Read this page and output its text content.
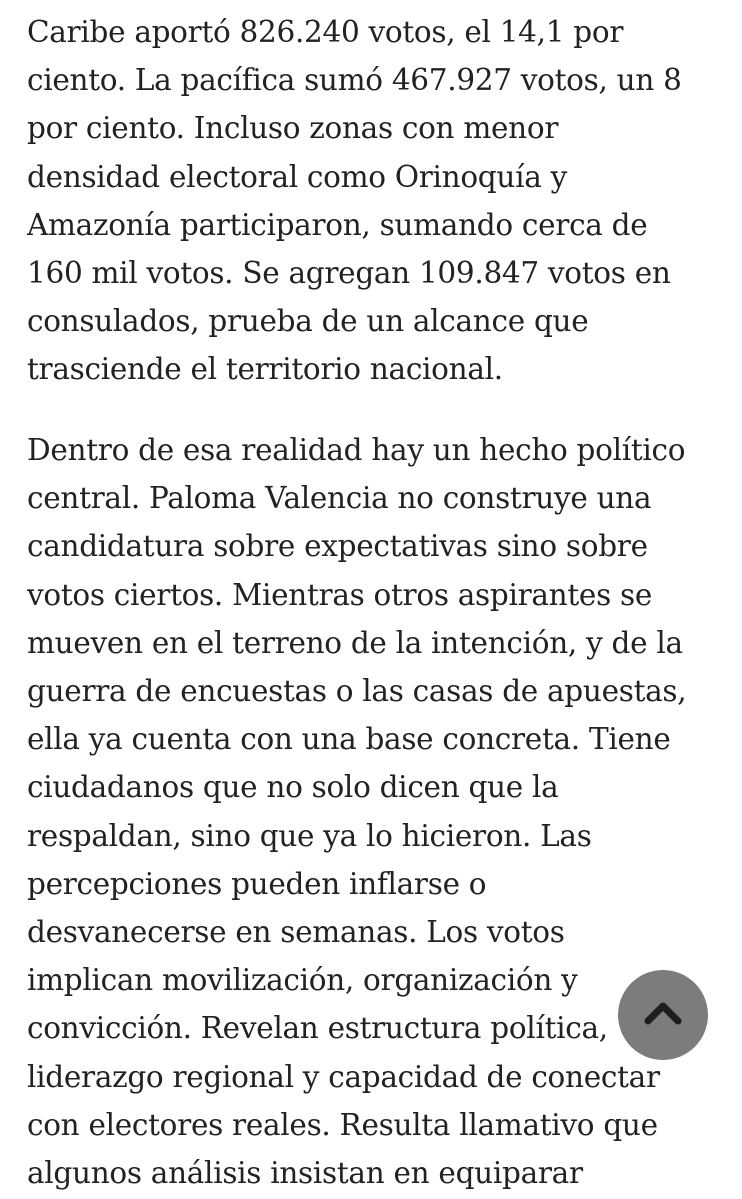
Caribe aportó 826.240 votos, el 14,1 por
ciento. La pacífica sumó 467.927 votos, un 8
por ciento. Incluso zonas con menor
densidad electoral como Orinoquía y
Amazonía participaron, sumando cerca de
160 mil votos. Se agregan 109.847 votos en
consulados, prueba de un alcance que
trasciende el territorio nacional.

Dentro de esa realidad hay un hecho político
central. Paloma Valencia no construye una
candidatura sobre expectativas sino sobre
votos ciertos. Mientras otros aspirantes se
mueven en el terreno de la intención, y de la
guerra de encuestas o las casas de apuestas,
ella ya cuenta con una base concreta. Tiene
ciudadanos que no solo dicen que la
respaldan, sino que ya lo hicieron. Las
percepciones pueden inflarse o
desvanecerse en semanas. Los votos
implican movilización, organización y
convicción. Revelan estructura política,
liderazgo regional y capacidad de conectar
con electores reales. Resulta llamativo que
algunos análisis insistan en equiparar
